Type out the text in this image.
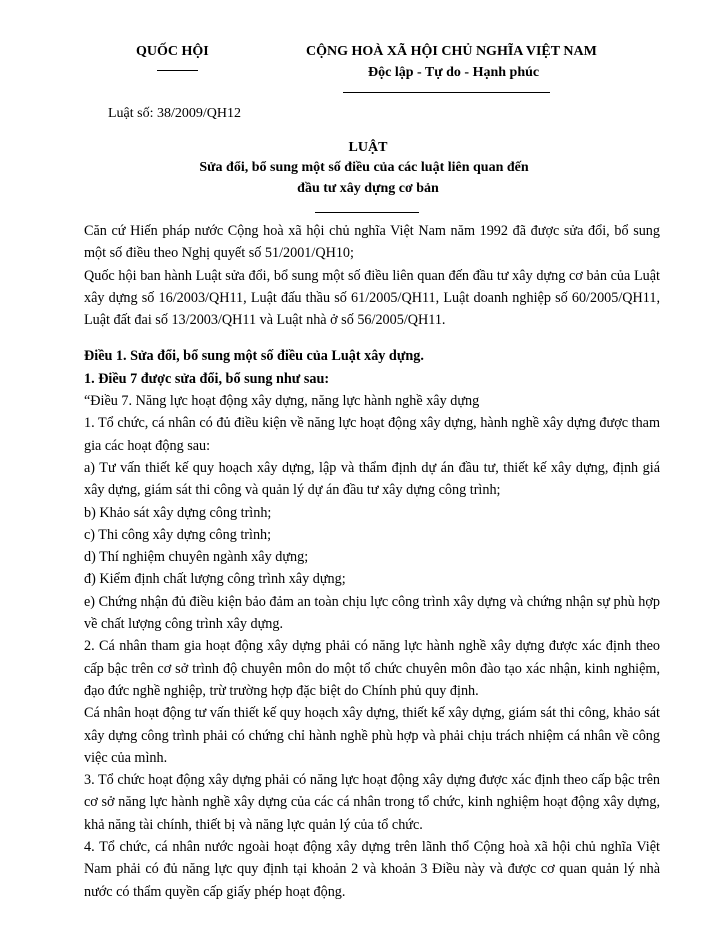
QUỐC HỘI	CỘNG HOÀ XÃ HỘI CHỦ NGHĨA VIỆT NAM
Độc lập - Tự do - Hạnh phúc
Luật số: 38/2009/QH12
LUẬT
Sửa đổi, bổ sung một số điều của các luật liên quan đến
đầu tư xây dựng cơ bản

Căn cứ Hiến pháp nước Cộng hoà xã hội chủ nghĩa Việt Nam năm 1992 đã được sửa đổi, bổ sung một số điều theo Nghị quyết số 51/2001/QH10;

Quốc hội ban hành Luật sửa đổi, bổ sung một số điều liên quan đến đầu tư xây dựng cơ bản của Luật xây dựng số 16/2003/QH11, Luật đấu thầu số 61/2005/QH11, Luật doanh nghiệp số 60/2005/QH11, Luật đất đai số 13/2003/QH11 và Luật nhà ở số 56/2005/QH11.

Điều 1. Sửa đổi, bổ sung một số điều của Luật xây dựng.

1. Điều 7 được sửa đổi, bổ sung như sau:

“Điều 7. Năng lực hoạt động xây dựng, năng lực hành nghề xây dựng

1. Tổ chức, cá nhân có đủ điều kiện về năng lực hoạt động xây dựng, hành nghề xây dựng được tham gia các hoạt động sau:

a) Tư vấn thiết kế quy hoạch xây dựng, lập và thẩm định dự án đầu tư, thiết kế xây dựng, định giá xây dựng, giám sát thi công và quản lý dự án đầu tư xây dựng công trình;

b) Khảo sát xây dựng công trình;

c) Thi công xây dựng công trình;

d) Thí nghiệm chuyên ngành xây dựng;

đ) Kiểm định chất lượng công trình xây dựng;

e) Chứng nhận đủ điều kiện bảo đảm an toàn chịu lực công trình xây dựng và chứng nhận sự phù hợp về chất lượng công trình xây dựng.

2. Cá nhân tham gia hoạt động xây dựng phải có năng lực hành nghề xây dựng được xác định theo cấp bậc trên cơ sở trình độ chuyên môn do một tổ chức chuyên môn đào tạo xác nhận, kinh nghiệm, đạo đức nghề nghiệp, trừ trường hợp đặc biệt do Chính phủ quy định.

Cá nhân hoạt động tư vấn thiết kế quy hoạch xây dựng, thiết kế xây dựng, giám sát thi công, khảo sát xây dựng công trình phải có chứng chỉ hành nghề phù hợp và phải chịu trách nhiệm cá nhân về công việc của mình.

3. Tổ chức hoạt động xây dựng phải có năng lực hoạt động xây dựng được xác định theo cấp bậc trên cơ sở năng lực hành nghề xây dựng của các cá nhân trong tổ chức, kinh nghiệm hoạt động xây dựng, khả năng tài chính, thiết bị và năng lực quản lý của tổ chức.

4. Tổ chức, cá nhân nước ngoài hoạt động xây dựng trên lãnh thổ Cộng hoà xã hội chủ nghĩa Việt Nam phải có đủ năng lực quy định tại khoản 2 và khoản 3 Điều này và được cơ quan quản lý nhà nước có thẩm quyền cấp giấy phép hoạt động.
